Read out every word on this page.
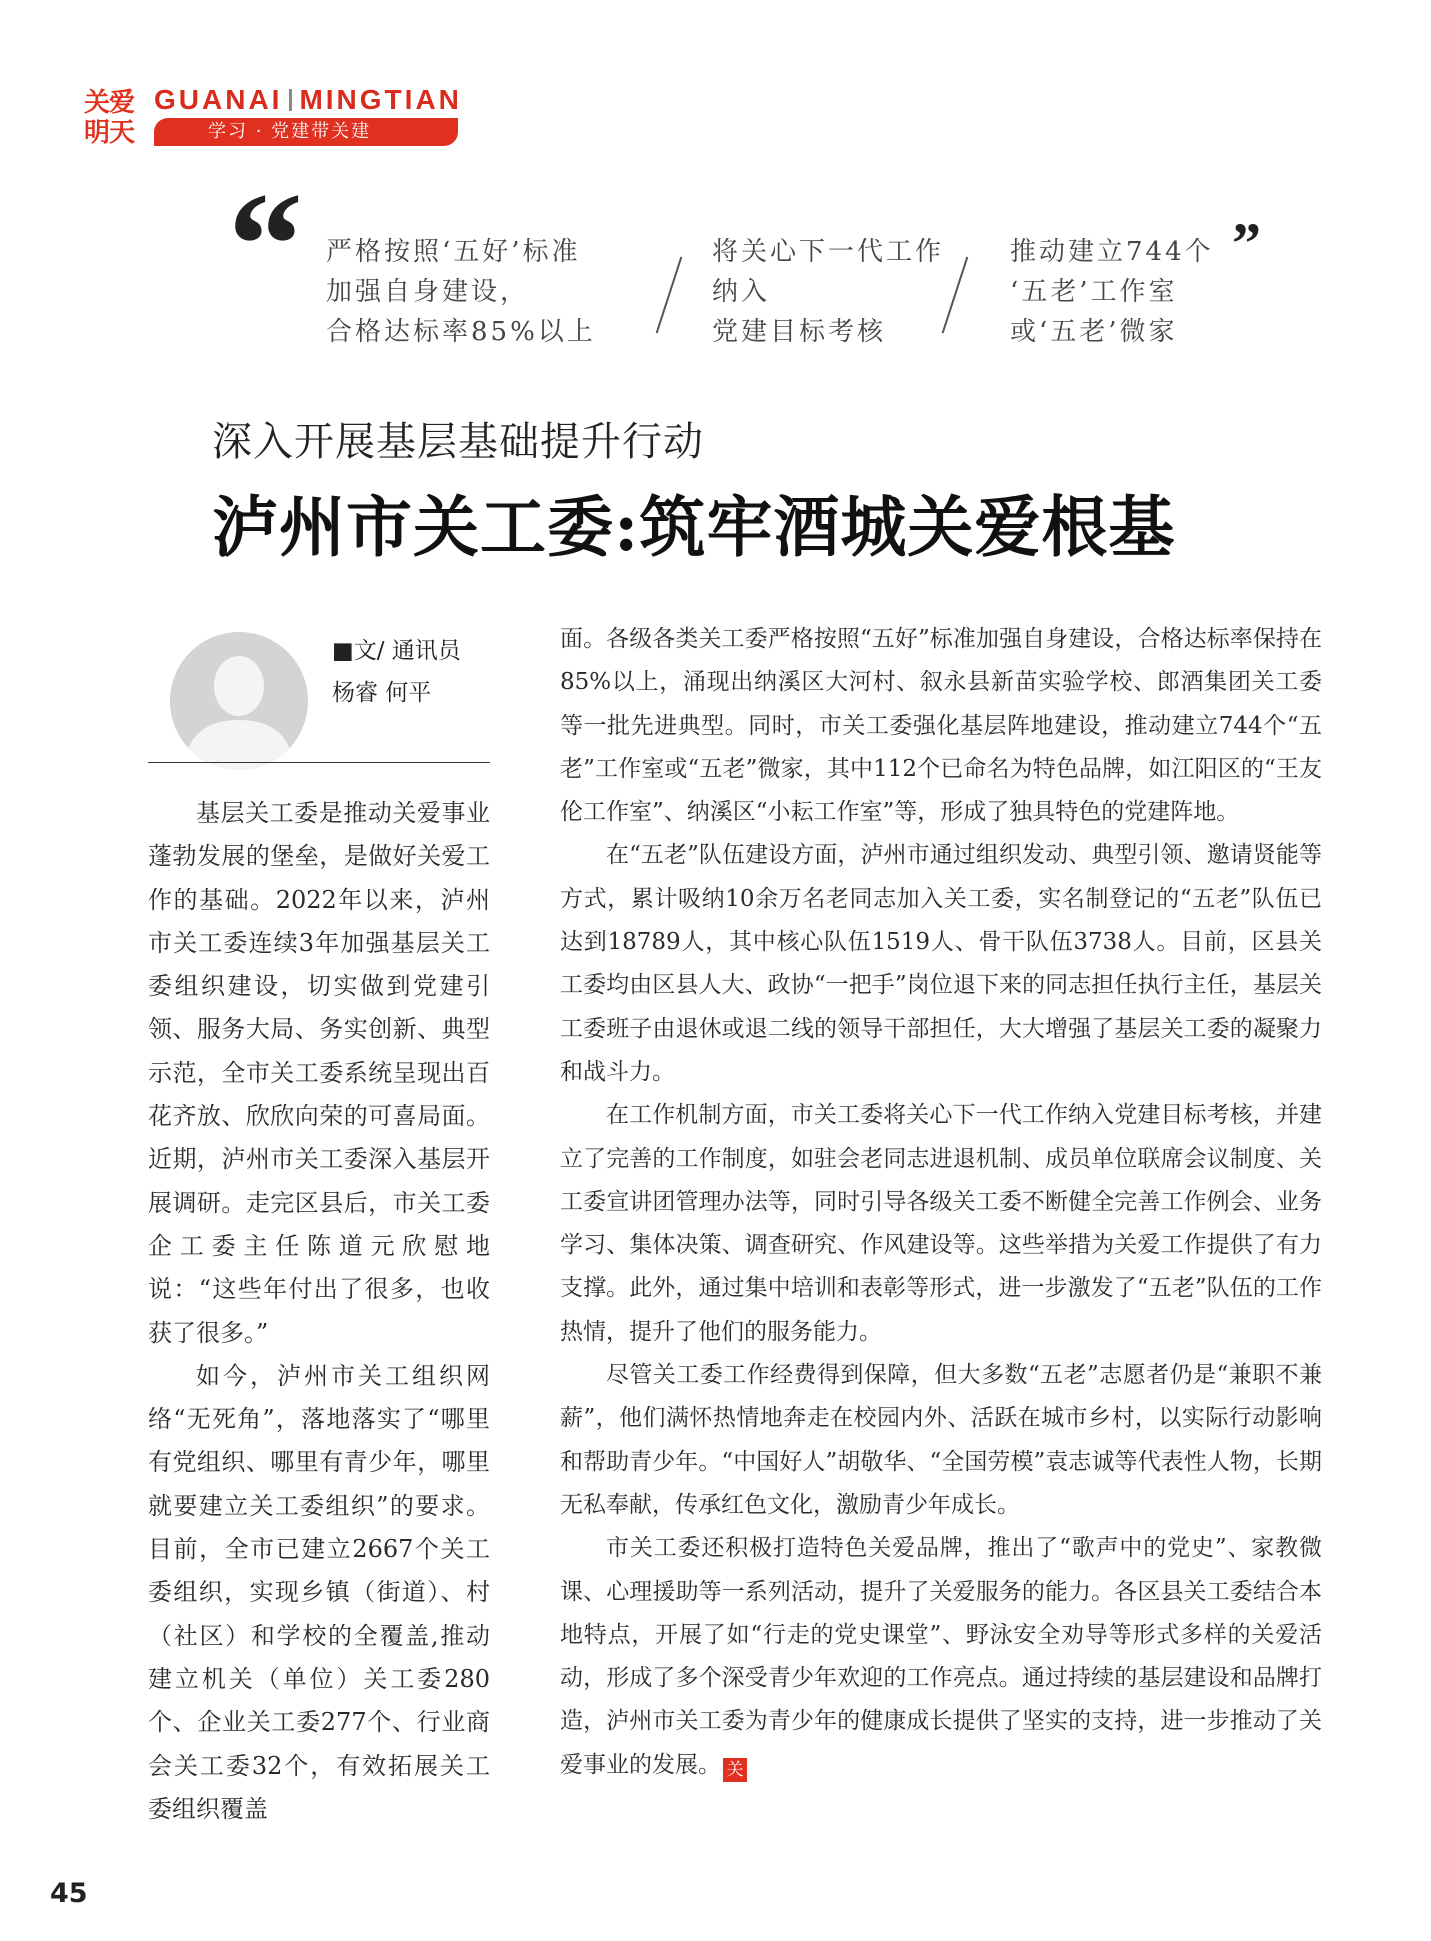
关爱明天
GUANAI MINGTIAN
学习 · 党建带关建
“ 严格按照‘五好’标准
加强自身建设，
合格达标率85%以上
将关心下一代工作
纳入
党建目标考核
推动建立744个
‘五老’工作室
或‘五老’微家
”
深入开展基层基础提升行动
泸州市关工委:筑牢酒城关爱根基
■文/ 通讯员
杨睿 何平

基层关工委是推动关爱事业蓬勃发展的堡垒，是做好关爱工作的基础。2022年以来，泸州市关工委连续3年加强基层关工委组织建设，切实做到党建引领、服务大局、务实创新、典型示范，全市关工委系统呈现出百花齐放、欣欣向荣的可喜局面。近期，泸州市关工委深入基层开展调研。走完区县后，市关工委企工委主任陈道元欣慰地说：“这些年付出了很多，也收获了很多。”

如今，泸州市关工组织网络“无死角”，落地落实了“哪里有党组织、哪里有青少年，哪里就要建立关工委组织”的要求。目前，全市已建立2667个关工委组织，实现乡镇（街道）、村（社区）和学校的全覆盖,推动建立机关（单位）关工委280个、企业关工委277个、行业商会关工委32个，有效拓展关工委组织覆盖

面。各级各类关工委严格按照“五好”标准加强自身建设，合格达标率保持在85%以上，涌现出纳溪区大河村、叙永县新苗实验学校、郎酒集团关工委等一批先进典型。同时，市关工委强化基层阵地建设，推动建立744个“五老”工作室或“五老”微家，其中112个已命名为特色品牌，如江阳区的“王友伦工作室”、纳溪区“小耘工作室”等，形成了独具特色的党建阵地。

在“五老”队伍建设方面，泸州市通过组织发动、典型引领、邀请贤能等方式，累计吸纳10余万名老同志加入关工委，实名制登记的“五老”队伍已达到18789人，其中核心队伍1519人、骨干队伍3738人。目前，区县关工委均由区县人大、政协“一把手”岗位退下来的同志担任执行主任，基层关工委班子由退休或退二线的领导干部担任，大大增强了基层关工委的凝聚力和战斗力。

在工作机制方面，市关工委将关心下一代工作纳入党建目标考核，并建立了完善的工作制度，如驻会老同志进退机制、成员单位联席会议制度、关工委宣讲团管理办法等，同时引导各级关工委不断健全完善工作例会、业务学习、集体决策、调查研究、作风建设等。这些举措为关爱工作提供了有力支撑。此外，通过集中培训和表彰等形式，进一步激发了“五老”队伍的工作热情，提升了他们的服务能力。

尽管关工委工作经费得到保障，但大多数“五老”志愿者仍是“兼职不兼薪”，他们满怀热情地奔走在校园内外、活跃在城市乡村，以实际行动影响和帮助青少年。“中国好人”胡敬华、“全国劳模”袁志诚等代表性人物，长期无私奉献，传承红色文化，激励青少年成长。

市关工委还积极打造特色关爱品牌，推出了“歌声中的党史”、家教微课、心理援助等一系列活动，提升了关爱服务的能力。各区县关工委结合本地特点，开展了如“行走的党史课堂”、野泳安全劝导等形式多样的关爱活动，形成了多个深受青少年欢迎的工作亮点。通过持续的基层建设和品牌打造，泸州市关工委为青少年的健康成长提供了坚实的支持，进一步推动了关爱事业的发展。 关

45
